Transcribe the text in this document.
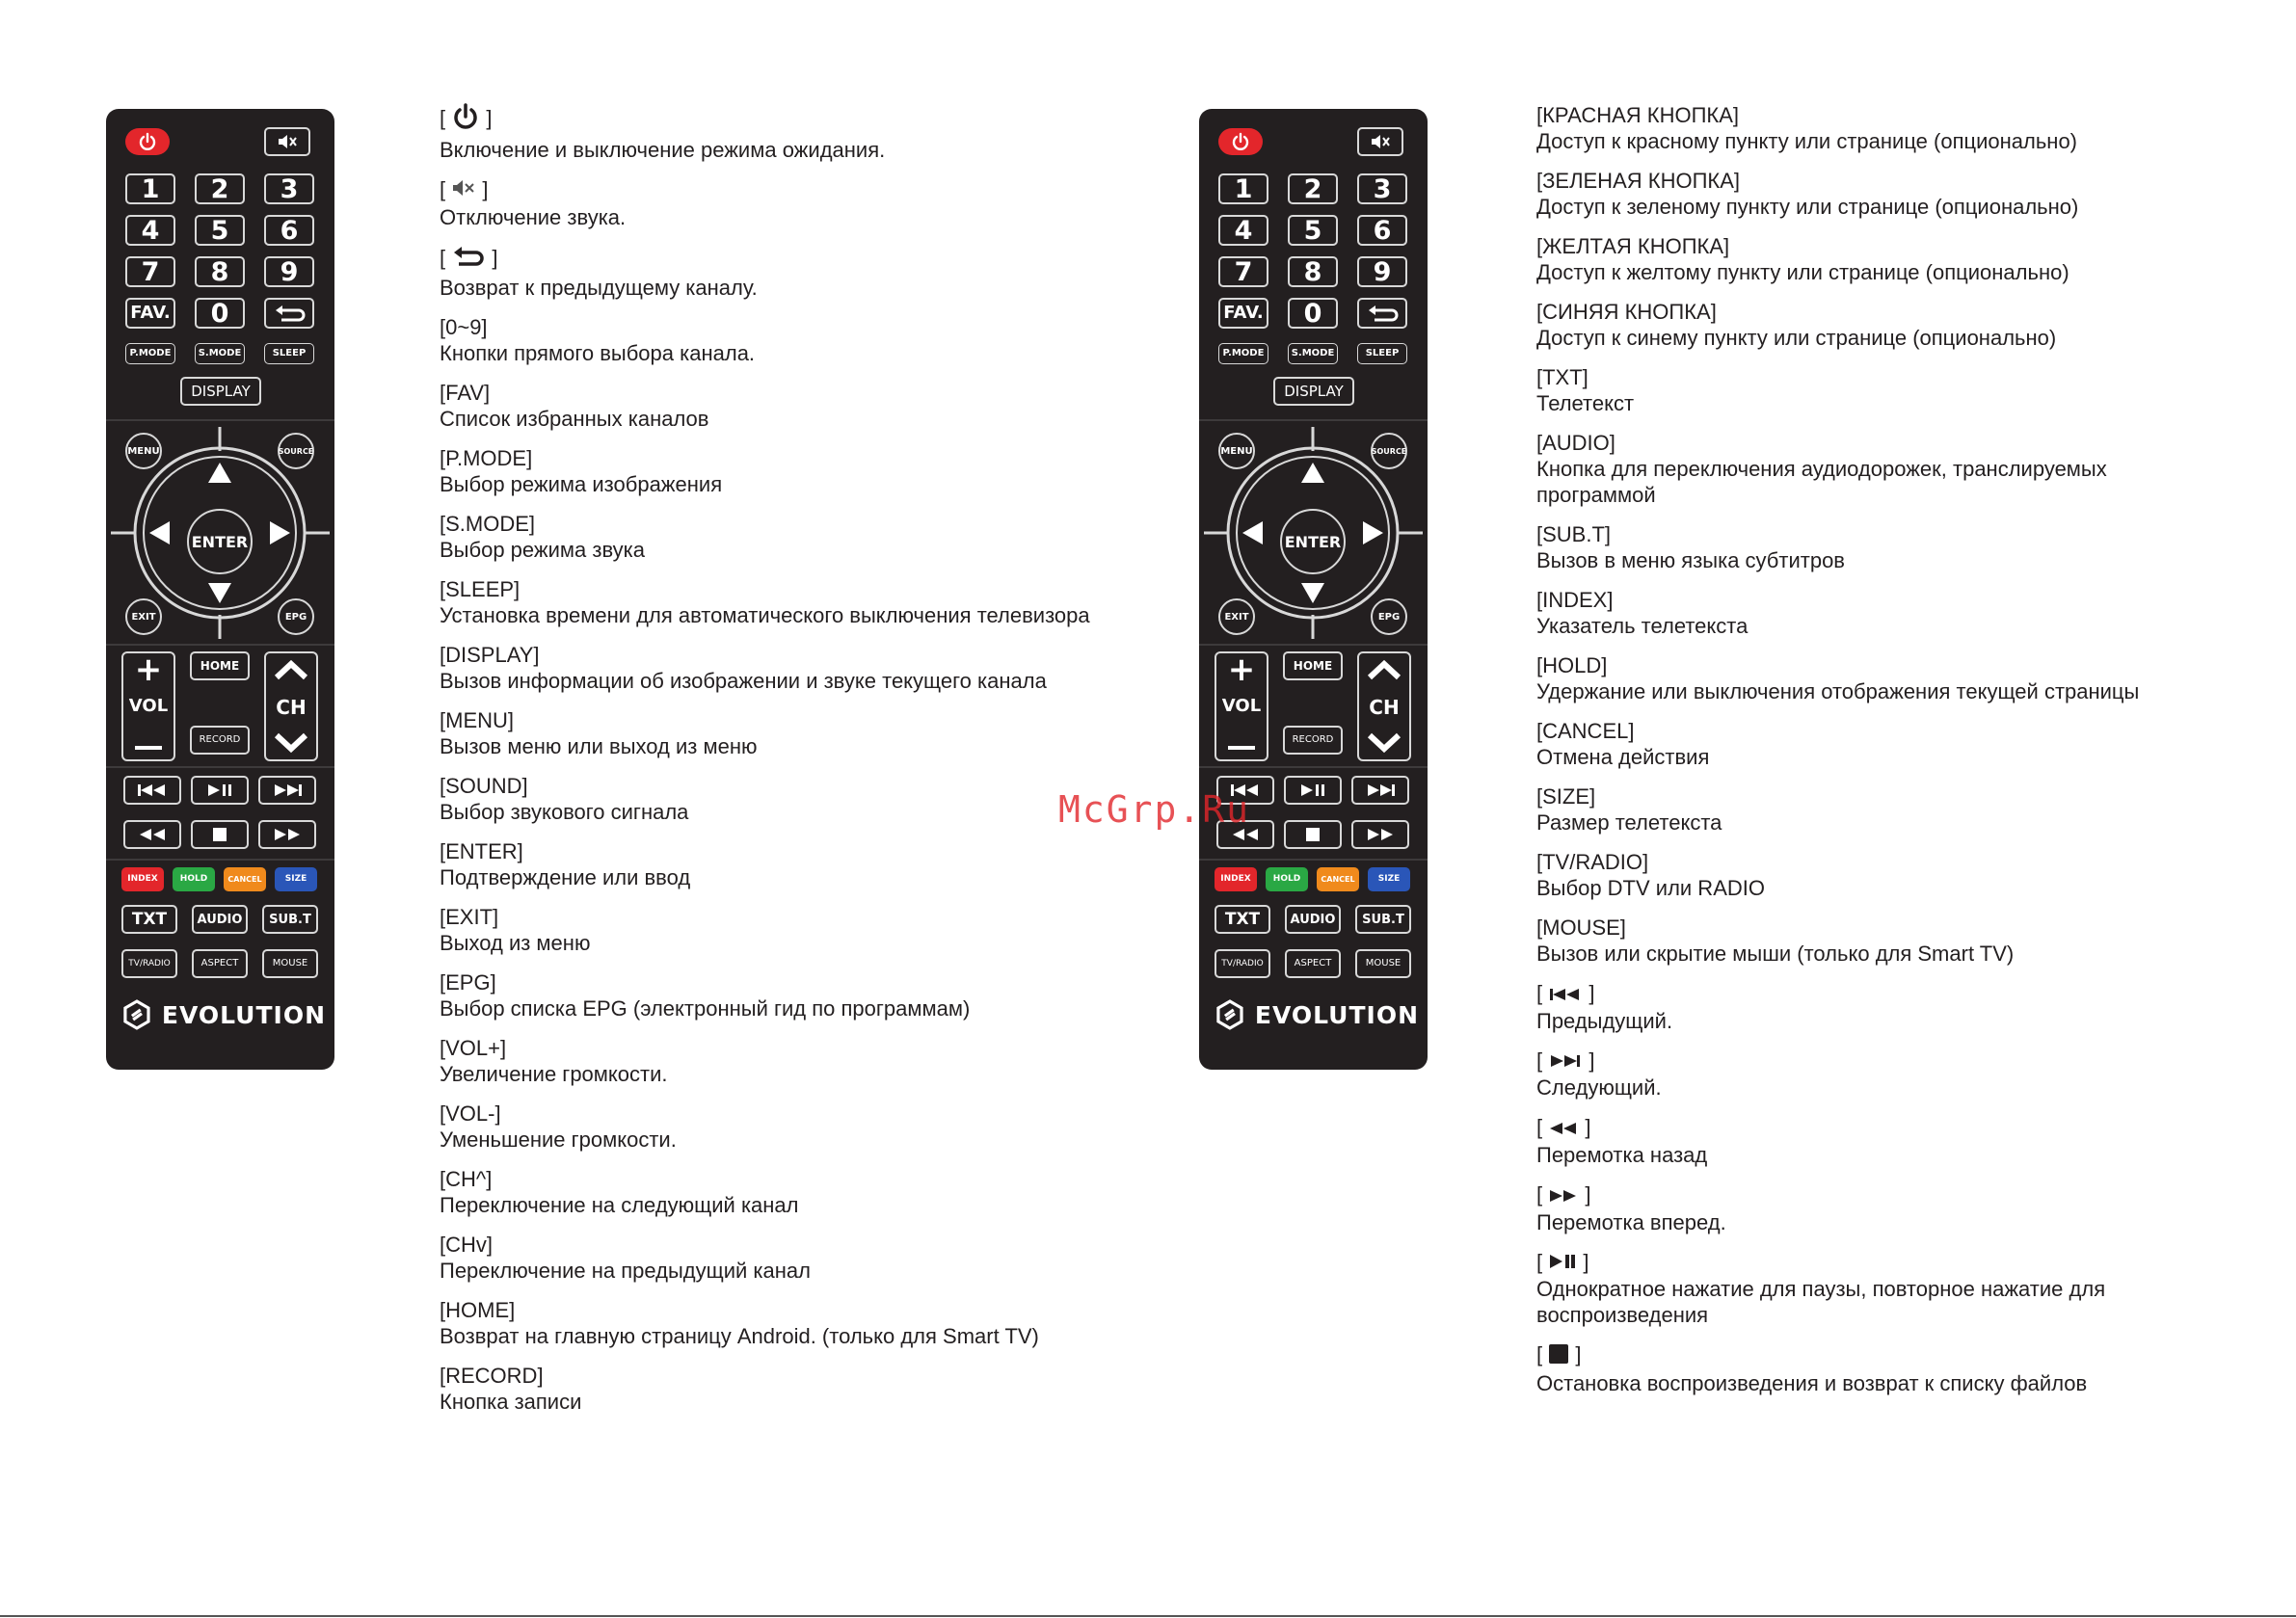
1	2	3
4	5	6
7	8	9
FAV.	0
P.MODE	S.MODE	SLEEP
DISPLAY
ENTER
MENU	SOURCE
EXIT	EPG
+
VOL
HOME
RECORD
CH
INDEX	HOLD	CANCEL	SIZE
TXT	AUDIO	SUB.T
TV/RADIO	ASPECT	MOUSE
EVOLUTION
1	2	3
4	5	6
7	8	9
FAV.	0
P.MODE	S.MODE	SLEEP
DISPLAY
ENTER
MENU	SOURCE
EXIT	EPG
+
VOL
HOME
RECORD
CH
INDEX	HOLD	CANCEL	SIZE
TXT	AUDIO	SUB.T
TV/RADIO	ASPECT	MOUSE
EVOLUTION
[ ]
Включение и выключение режима ожидания.
[ ]
Отключение звука.
[ ]
Возврат к предыдущему каналу.
[0~9]
Кнопки прямого выбора канала.
[FAV]
Список избранных каналов
[P.MODE]
Выбор режима изображения
[S.MODE]
Выбор режима звука
[SLEEP]
Установка времени для автоматического выключения телевизора
[DISPLAY]
Вызов информации об изображении и звуке текущего канала
[MENU]
Вызов меню или выход из меню
[SOUND]
Выбор звукового сигнала
[ENTER]
Подтверждение или ввод
[EXIT]
Выход из меню
[EPG]
Выбор списка EPG (электронный гид по программам)
[VOL+]
Увеличение громкости.
[VOL-]
Уменьшение громкости.
[CH^]
Переключение на следующий канал
[CHv]
Переключение на предыдущий канал
[HOME]
Возврат на главную страницу Android. (только для Smart TV)
[RECORD]
Кнопка записи
[КРАСНАЯ КНОПКА]
Доступ к красному пункту или странице (опционально)
[ЗЕЛЕНАЯ КНОПКА]
Доступ к зеленому пункту или странице (опционально)
[ЖЕЛТАЯ КНОПКА]
Доступ к желтому пункту или странице (опционально)
[СИНЯЯ КНОПКА]
Доступ к синему пункту или странице (опционально)
[TXT]
Телетекст
[AUDIO]
Кнопка для переключения аудиодорожек, транслируемых программой
[SUB.T]
Вызов в меню языка субтитров
[INDEX]
Указатель телетекста
[HOLD]
Удержание или выключения отображения текущей страницы
[CANCEL]
Отмена действия
[SIZE]
Размер телетекста
[TV/RADIO]
Выбор DTV или RADIO
[MOUSE]
Вызов или скрытие мыши (только для Smart TV)
[ ]
Предыдущий.
[ ]
Следующий.
[ ]
Перемотка назад
[ ]
Перемотка вперед.
[ ]
Однократное нажатие для паузы, повторное нажатие для воспроизведения
[ ]
Остановка воспроизведения и возврат к списку файлов
McGrp.Ru
